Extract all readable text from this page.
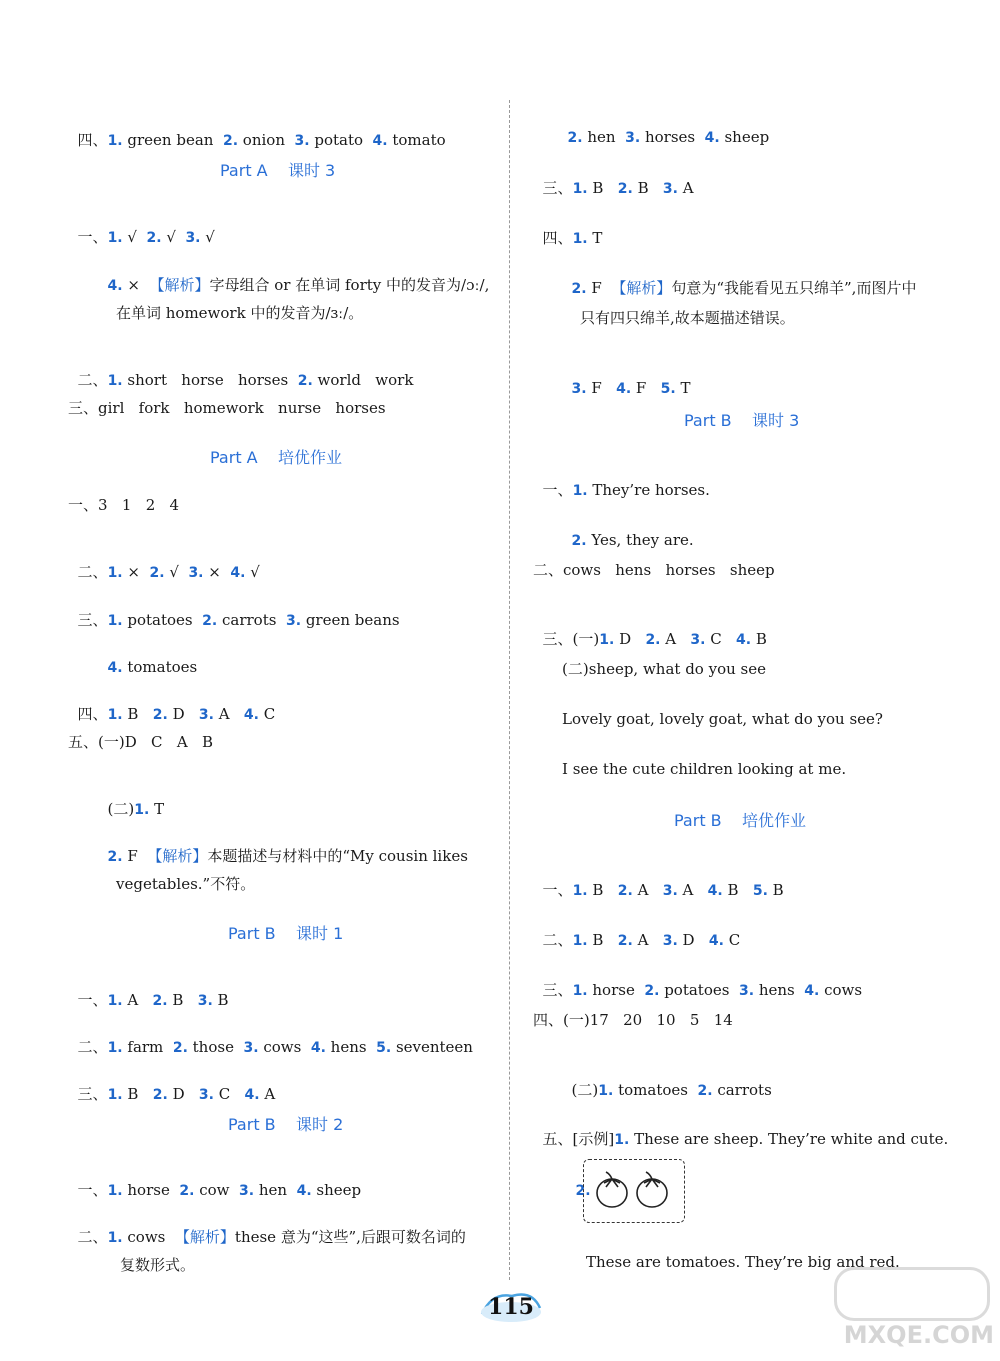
四、1. green bean  2. onion  3. potato  4. tomato

Part A    课时 3

一、1. √  2. √  3. √

4. ×  【解析】字母组合 or 在单词 forty 中的发音为/ɔː/,

在单词 homework 中的发音为/ɜː/。

二、1. short   horse   horses  2. world   work

三、girl   fork   homework   nurse   horses
Part A    培优作业
一、3   1   2   4

二、1. ×  2. √  3. ×  4. √

三、1. potatoes  2. carrots  3. green beans

4. tomatoes

四、1. B   2. D   3. A   4. C

五、(一)D   C   A   B

(二)1. T

2. F  【解析】本题描述与材料中的“My cousin likes

vegetables.”不符。
Part B    课时 1

一、1. A   2. B   3. B

二、1. farm  2. those  3. cows  4. hens  5. seventeen

三、1. B   2. D   3. C   4. A

Part B    课时 2

一、1. horse  2. cow  3. hen  4. sheep

二、1. cows  【解析】these 意为“这些”,后跟可数名词的

复数形式。

2. hen  3. horses  4. sheep

三、1. B   2. B   3. A

四、1. T

2. F  【解析】句意为“我能看见五只绵羊”,而图片中

只有四只绵羊,故本题描述错误。

3. F   4. F   5. T

Part B    课时 3

一、1. They’re horses.

2. Yes, they are.

二、cows   hens   horses   sheep

三、(一)1. D   2. A   3. C   4. B

(二)sheep, what do you see
Lovely goat, lovely goat, what do you see?
I see the cute children looking at me.
Part B    培优作业

一、1. B   2. A   3. A   4. B   5. B

二、1. B   2. A   3. D   4. C

三、1. horse  2. potatoes  3. hens  4. cows

四、(一)17   20   10   5   14

(二)1. tomatoes  2. carrots

五、[示例]1. These are sheep. They’re white and cute.

2.

These are tomatoes. They’re big and red.
115
MXQE.COM
